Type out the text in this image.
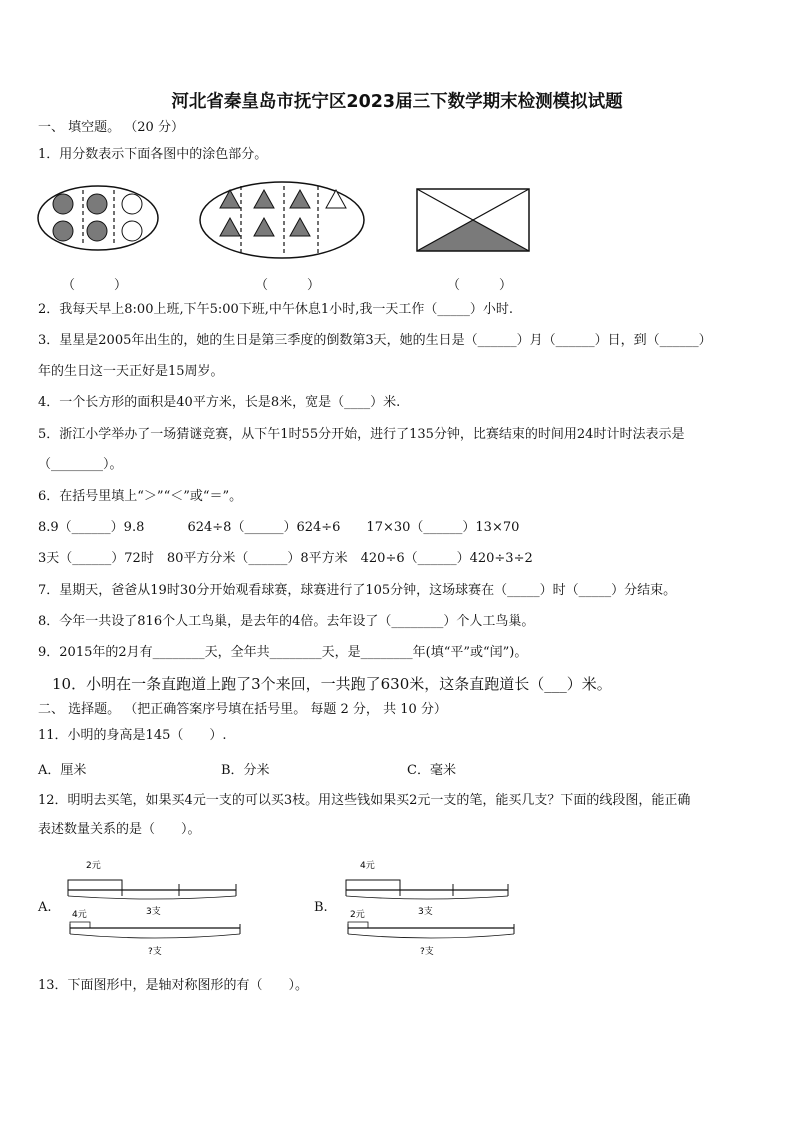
河北省秦皇岛市抚宁区2023届三下数学期末检测模拟试题
一、 填空题。 （20 分）
1．用分数表示下面各图中的涂色部分。
（　　　）	（　　　）	（　　　）
2．我每天早上8:00上班,下午5:00下班,中午休息1小时,我一天工作（_____）小时.
3．星星是2005年出生的，她的生日是第三季度的倒数第3天，她的生日是（______）月（______）日，到（______）
年的生日这一天正好是15周岁。
4．一个长方形的面积是40平方米，长是8米，宽是（____）米.
5．浙江小学举办了一场猜谜竞赛，从下午1时55分开始，进行了135分钟，比赛结束的时间用24时计时法表示是
（________）。
6．在括号里填上“＞”“＜”或“＝”。
8.9（______）9.8　　　 624÷8（______）624÷6　　17×30（______）13×70
3天（______）72时　80平方分米（______）8平方米　420÷6（______）420÷3÷2
7．星期天，爸爸从19时30分开始观看球赛，球赛进行了105分钟，这场球赛在（_____）时（_____）分结束。
8．今年一共设了816个人工鸟巢，是去年的4倍。去年设了（________）个人工鸟巢。
9．2015年的2月有________天，全年共________天，是________年(填“平”或“闰”)。
10．小明在一条直跑道上跑了3个来回，一共跑了630米，这条直跑道长（___）米。
二、 选择题。 （把正确答案序号填在括号里。 每题 2 分， 共 10 分）
11．小明的身高是145（　　）.
A．厘米	B．分米	C．毫米
12．明明去买笔，如果买4元一支的可以买3枝。用这些钱如果买2元一支的笔，能买几支？下面的线段图，能正确
表述数量关系的是（　　）。
A.	B.
2元
3支
4元
?支
4元
3支
2元
?支
13．下面图形中，是轴对称图形的有（　　）。
